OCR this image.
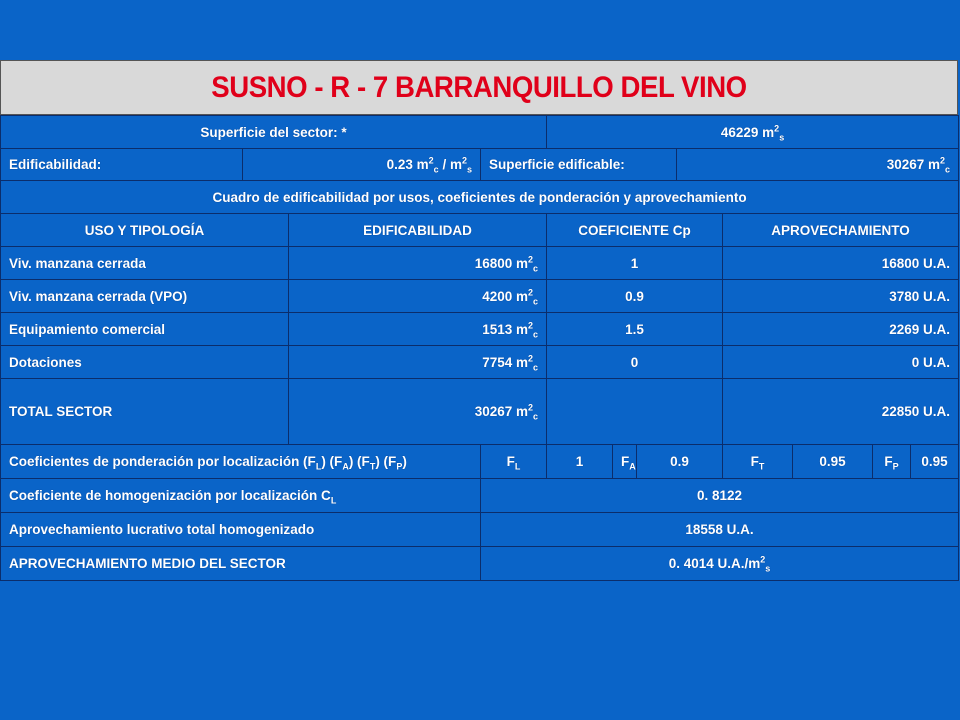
SUSNO - R - 7 BARRANQUILLO DEL VINO
Superficie del sector: *				46229 $m^2_s$
Edificabilidad:	0.23 $m^2_c / m^2_s$		Superficie edificable:				30267 $m^2_c$
Cuadro de edificabilidad por usos, coeficientes de ponderación y aprovechamiento											
USO Y TIPOLOGÍA		EDIFICABILIDAD		COEFICIENTE Cp				APROVECHAMIENTO			
Viv. manzana cerrada		16800 $m^2_c$		1				16800 U.A.			
Viv. manzana cerrada (VPO)		4200 $m^2_c$		0.9				3780 U.A.			
Equipamiento comercial		1513 $m^2_c$		1.5				2269 U.A.			
Dotaciones		7754 $m^2_c$		0				0 U.A.			
TOTAL SECTOR		30267 $m^2_c$						22850 U.A.			
Coeficientes de ponderación por localización $(F_L)$ $(F_A)$ $(F_T)$ $(F_P)$			$F_L$	1	$F_A$	0.9		$F_T$	0.95	$F_P$	0.95
Coeficiente de homogenización por localización $C_L$			0. 8122								
Aprovechamiento lucrativo total homogenizado			18558 U.A.								
APROVECHAMIENTO MEDIO DEL SECTOR			0. 4014 $U.A./m^2_s$
